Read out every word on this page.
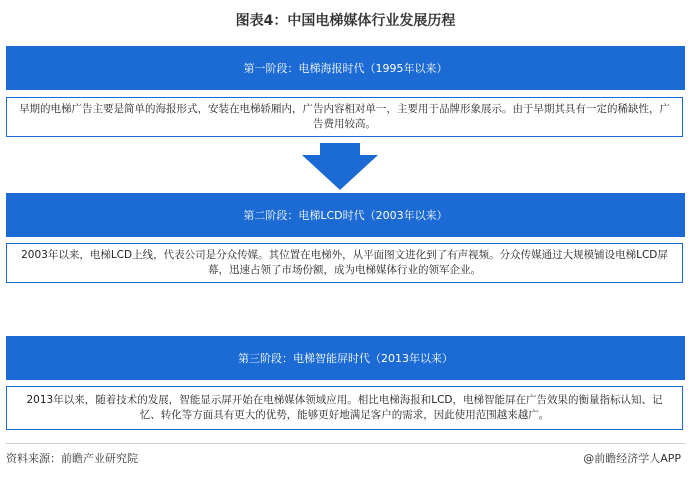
图表4：中国电梯媒体行业发展历程
第一阶段：电梯海报时代（1995年以来）
早期的电梯广告主要是简单的海报形式，安装在电梯轿厢内，广告内容相对单一，主要用于品牌形象展示。由于早期其具有一定的稀缺性，广告费用较高。
第二阶段：电梯LCD时代（2003年以来）
2003年以来，电梯LCD上线，代表公司是分众传媒。其位置在电梯外，从平面图文进化到了有声视频。分众传媒通过大规模铺设电梯LCD屏幕，迅速占领了市场份额，成为电梯媒体行业的领军企业。
第三阶段：电梯智能屏时代（2013年以来）
2013年以来，随着技术的发展，智能显示屏开始在电梯媒体领域应用。相比电梯海报和LCD，电梯智能屏在广告效果的衡量指标认知、记忆、转化等方面具有更大的优势，能够更好地满足客户的需求，因此使用范围越来越广。
资料来源：前瞻产业研究院	@前瞻经济学人APP
